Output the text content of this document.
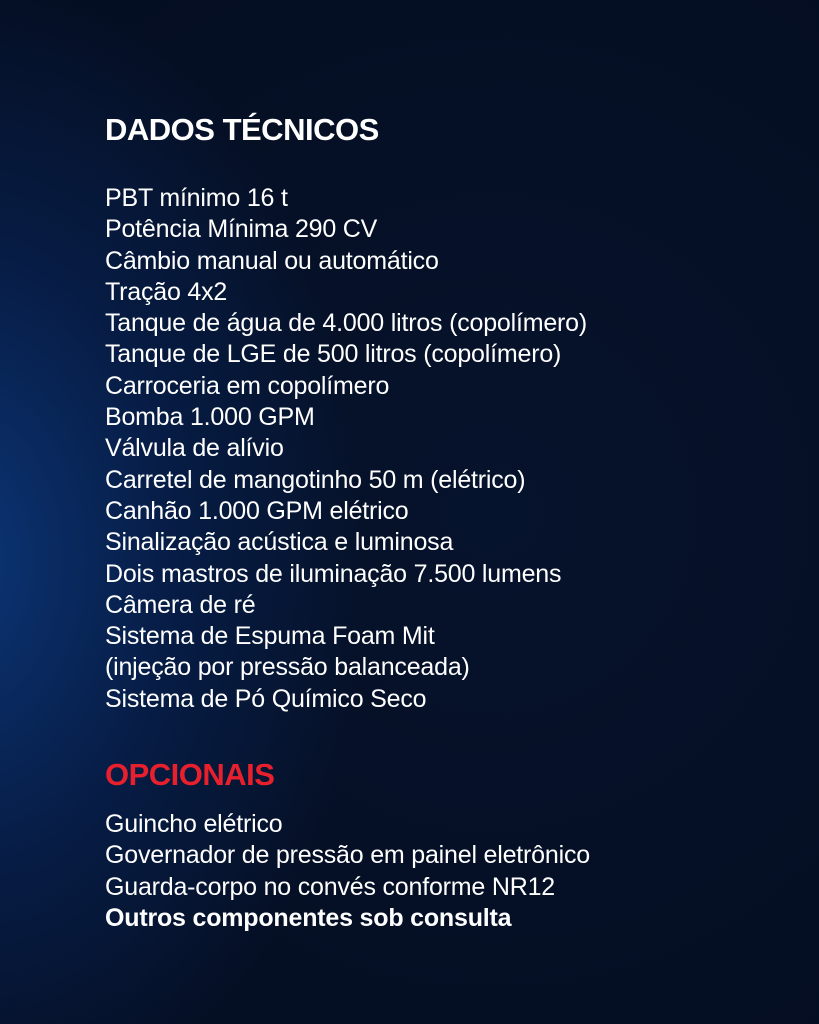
DADOS TÉCNICOS
PBT mínimo 16 t
Potência Mínima 290 CV
Câmbio manual ou automático
Tração 4x2
Tanque de água de 4.000 litros (copolímero)
Tanque de LGE de 500 litros (copolímero)
Carroceria em copolímero
Bomba 1.000 GPM
Válvula de alívio
Carretel de mangotinho 50 m (elétrico)
Canhão 1.000 GPM elétrico
Sinalização acústica e luminosa
Dois mastros de iluminação 7.500 lumens
Câmera de ré
Sistema de Espuma Foam Mit
(injeção por pressão balanceada)
Sistema de Pó Químico Seco
OPCIONAIS
Guincho elétrico
Governador de pressão em painel eletrônico
Guarda-corpo no convés conforme NR12
Outros componentes sob consulta
